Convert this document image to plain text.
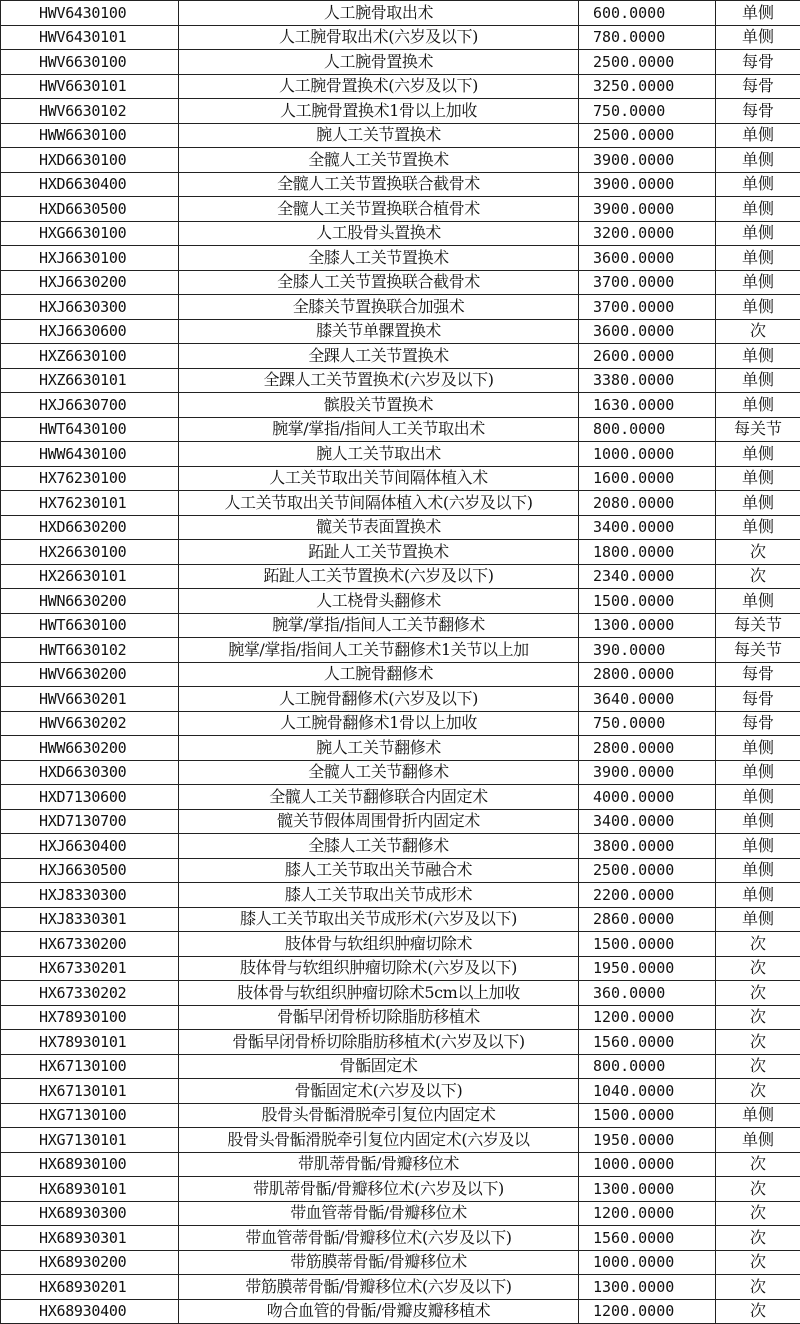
HWV6430100	人工腕骨取出术	600.0000	单侧
HWV6430101	人工腕骨取出术(六岁及以下)	780.0000	单侧
HWV6630100	人工腕骨置换术	2500.0000	每骨
HWV6630101	人工腕骨置换术(六岁及以下)	3250.0000	每骨
HWV6630102	人工腕骨置换术1骨以上加收	750.0000	每骨
HWW6630100	腕人工关节置换术	2500.0000	单侧
HXD6630100	全髋人工关节置换术	3900.0000	单侧
HXD6630400	全髋人工关节置换联合截骨术	3900.0000	单侧
HXD6630500	全髋人工关节置换联合植骨术	3900.0000	单侧
HXG6630100	人工股骨头置换术	3200.0000	单侧
HXJ6630100	全膝人工关节置换术	3600.0000	单侧
HXJ6630200	全膝人工关节置换联合截骨术	3700.0000	单侧
HXJ6630300	全膝关节置换联合加强术	3700.0000	单侧
HXJ6630600	膝关节单髁置换术	3600.0000	次
HXZ6630100	全踝人工关节置换术	2600.0000	单侧
HXZ6630101	全踝人工关节置换术(六岁及以下)	3380.0000	单侧
HXJ6630700	髌股关节置换术	1630.0000	单侧
HWT6430100	腕掌/掌指/指间人工关节取出术	800.0000	每关节
HWW6430100	腕人工关节取出术	1000.0000	单侧
HX76230100	人工关节取出关节间隔体植入术	1600.0000	单侧
HX76230101	人工关节取出关节间隔体植入术(六岁及以下)	2080.0000	单侧
HXD6630200	髋关节表面置换术	3400.0000	单侧
HX26630100	跖趾人工关节置换术	1800.0000	次
HX26630101	跖趾人工关节置换术(六岁及以下)	2340.0000	次
HWN6630200	人工桡骨头翻修术	1500.0000	单侧
HWT6630100	腕掌/掌指/指间人工关节翻修术	1300.0000	每关节
HWT6630102	腕掌/掌指/指间人工关节翻修术1关节以上加	390.0000	每关节
HWV6630200	人工腕骨翻修术	2800.0000	每骨
HWV6630201	人工腕骨翻修术(六岁及以下)	3640.0000	每骨
HWV6630202	人工腕骨翻修术1骨以上加收	750.0000	每骨
HWW6630200	腕人工关节翻修术	2800.0000	单侧
HXD6630300	全髋人工关节翻修术	3900.0000	单侧
HXD7130600	全髋人工关节翻修联合内固定术	4000.0000	单侧
HXD7130700	髋关节假体周围骨折内固定术	3400.0000	单侧
HXJ6630400	全膝人工关节翻修术	3800.0000	单侧
HXJ6630500	膝人工关节取出关节融合术	2500.0000	单侧
HXJ8330300	膝人工关节取出关节成形术	2200.0000	单侧
HXJ8330301	膝人工关节取出关节成形术(六岁及以下)	2860.0000	单侧
HX67330200	肢体骨与软组织肿瘤切除术	1500.0000	次
HX67330201	肢体骨与软组织肿瘤切除术(六岁及以下)	1950.0000	次
HX67330202	肢体骨与软组织肿瘤切除术5cm以上加收	360.0000	次
HX78930100	骨骺早闭骨桥切除脂肪移植术	1200.0000	次
HX78930101	骨骺早闭骨桥切除脂肪移植术(六岁及以下)	1560.0000	次
HX67130100	骨骺固定术	800.0000	次
HX67130101	骨骺固定术(六岁及以下)	1040.0000	次
HXG7130100	股骨头骨骺滑脱牵引复位内固定术	1500.0000	单侧
HXG7130101	股骨头骨骺滑脱牵引复位内固定术(六岁及以	1950.0000	单侧
HX68930100	带肌蒂骨骺/骨瓣移位术	1000.0000	次
HX68930101	带肌蒂骨骺/骨瓣移位术(六岁及以下)	1300.0000	次
HX68930300	带血管蒂骨骺/骨瓣移位术	1200.0000	次
HX68930301	带血管蒂骨骺/骨瓣移位术(六岁及以下)	1560.0000	次
HX68930200	带筋膜蒂骨骺/骨瓣移位术	1000.0000	次
HX68930201	带筋膜蒂骨骺/骨瓣移位术(六岁及以下)	1300.0000	次
HX68930400	吻合血管的骨骺/骨瓣皮瓣移植术	1200.0000	次
